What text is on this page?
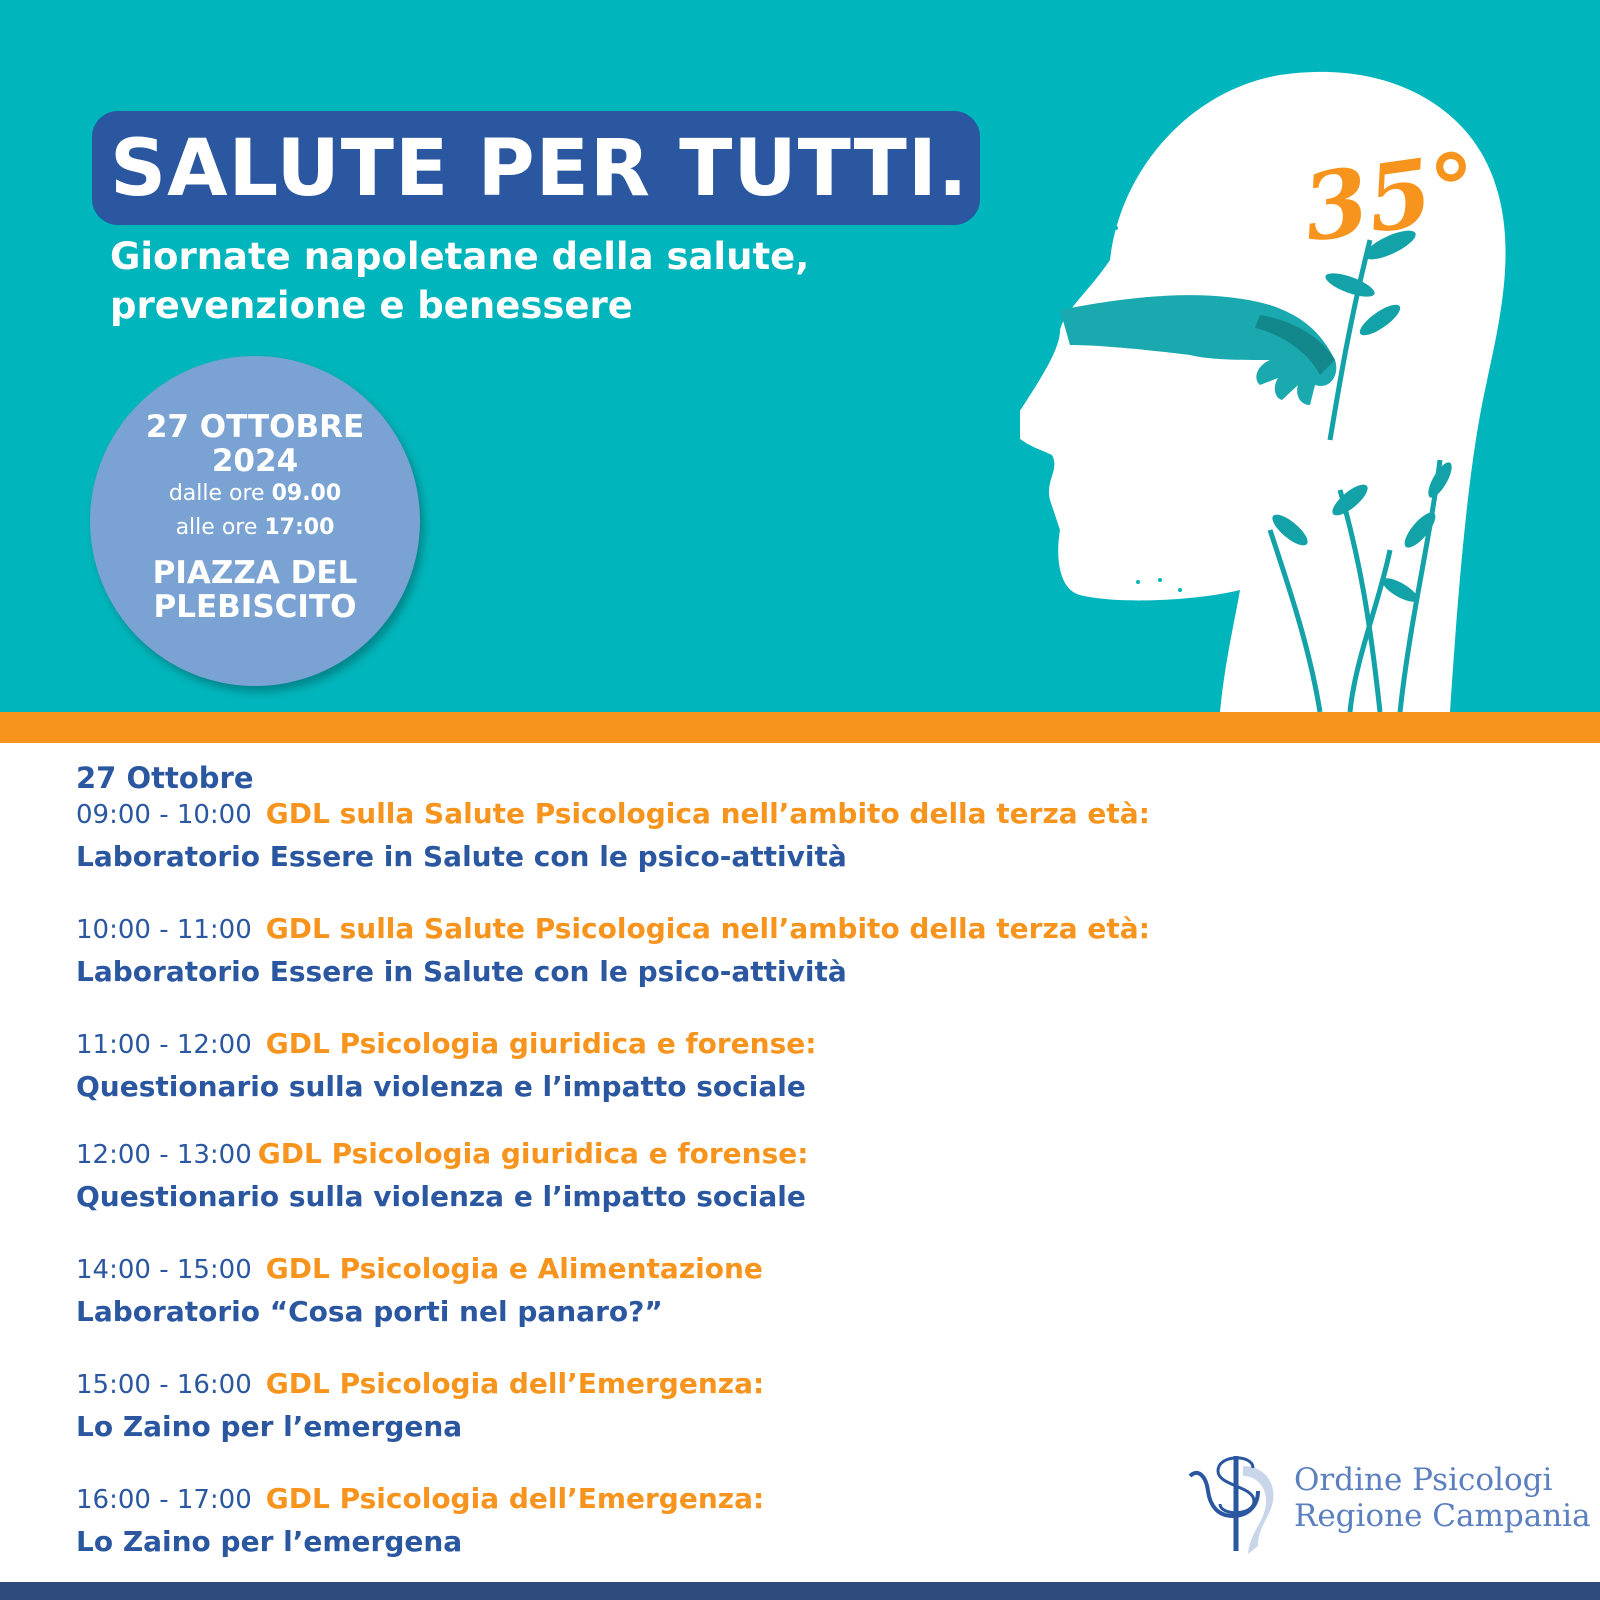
SALUTE PER TUTTI.
Giornate napoletane della salute,
prevenzione e benessere
27 OTTOBRE
2024
dalle ore 09.00
alle ore 17:00
PIAZZA DEL
PLEBISCITO
35°
27 Ottobre
09:00 - 10:00 GDL sulla Salute Psicologica nell’ambito della terza età:
Laboratorio Essere in Salute con le psico-attività
10:00 - 11:00 GDL sulla Salute Psicologica nell’ambito della terza età:
Laboratorio Essere in Salute con le psico-attività
11:00 - 12:00 GDL Psicologia giuridica e forense:
Questionario sulla violenza e l’impatto sociale
12:00 - 13:00 GDL Psicologia giuridica e forense:
Questionario sulla violenza e l’impatto sociale
14:00 - 15:00 GDL Psicologia e Alimentazione
Laboratorio “Cosa porti nel panaro?”
15:00 - 16:00 GDL Psicologia dell’Emergenza:
Lo Zaino per l’emergena
16:00 - 17:00 GDL Psicologia dell’Emergenza:
Lo Zaino per l’emergena
Ordine Psicologi
Regione Campania
